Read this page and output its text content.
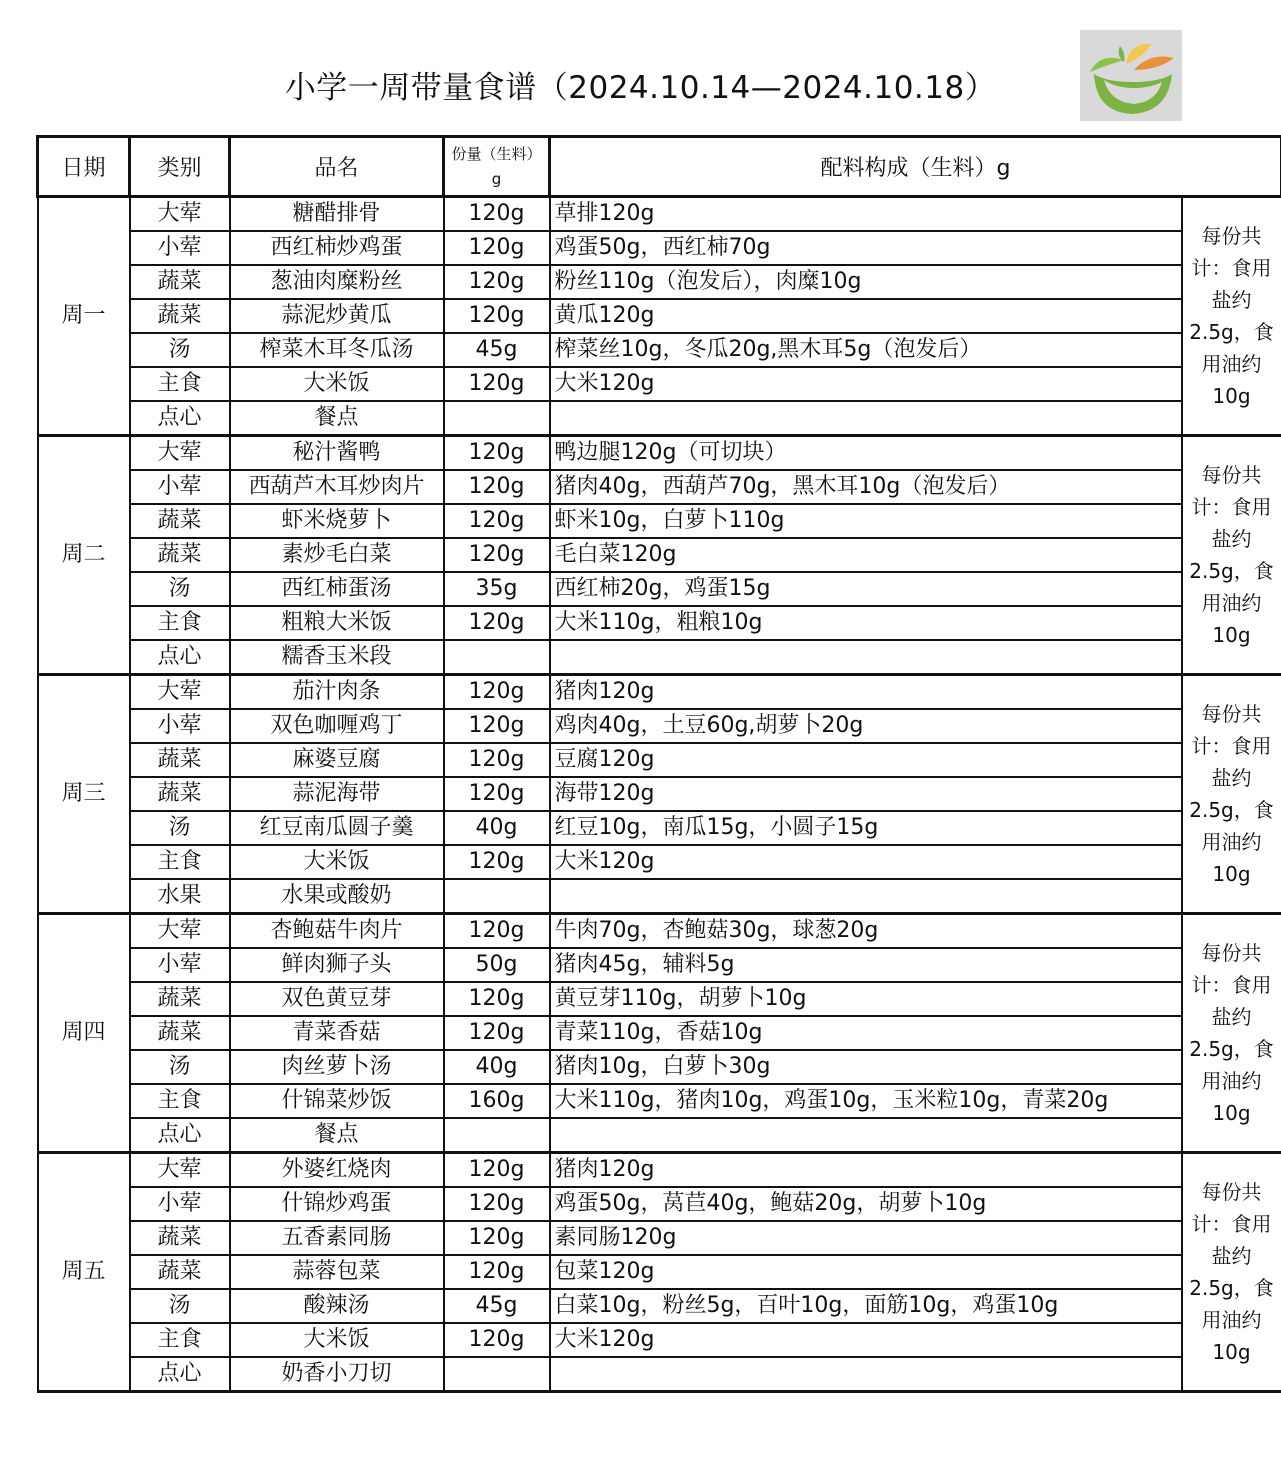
小学一周带量食谱（2024.10.14—2024.10.18）
日期	类别	品名	份量（生料）g	配料构成（生料）g	
周一	大荤	糖醋排骨	120g	草排120g	每份共计：食用盐约2.5g，食用油约10g
	小荤	西红柿炒鸡蛋	120g	鸡蛋50g，西红柿70g	
	蔬菜	葱油肉糜粉丝	120g	粉丝110g（泡发后），肉糜10g	
	蔬菜	蒜泥炒黄瓜	120g	黄瓜120g	
	汤	榨菜木耳冬瓜汤	45g	榨菜丝10g，冬瓜20g,黑木耳5g（泡发后）	
	主食	大米饭	120g	大米120g	
	点心	餐点			
周二	大荤	秘汁酱鸭	120g	鸭边腿120g（可切块）	每份共计：食用盐约2.5g，食用油约10g
	小荤	西葫芦木耳炒肉片	120g	猪肉40g，西葫芦70g，黑木耳10g（泡发后）	
	蔬菜	虾米烧萝卜	120g	虾米10g，白萝卜110g	
	蔬菜	素炒毛白菜	120g	毛白菜120g	
	汤	西红柿蛋汤	35g	西红柿20g，鸡蛋15g	
	主食	粗粮大米饭	120g	大米110g，粗粮10g	
	点心	糯香玉米段			
周三	大荤	茄汁肉条	120g	猪肉120g	每份共计：食用盐约2.5g，食用油约10g
	小荤	双色咖喱鸡丁	120g	鸡肉40g，土豆60g,胡萝卜20g	
	蔬菜	麻婆豆腐	120g	豆腐120g	
	蔬菜	蒜泥海带	120g	海带120g	
	汤	红豆南瓜圆子羹	40g	红豆10g，南瓜15g，小圆子15g	
	主食	大米饭	120g	大米120g	
	水果	水果或酸奶			
周四	大荤	杏鲍菇牛肉片	120g	牛肉70g，杏鲍菇30g，球葱20g	每份共计：食用盐约2.5g，食用油约10g
	小荤	鲜肉狮子头	50g	猪肉45g，辅料5g	
	蔬菜	双色黄豆芽	120g	黄豆芽110g，胡萝卜10g	
	蔬菜	青菜香菇	120g	青菜110g，香菇10g	
	汤	肉丝萝卜汤	40g	猪肉10g，白萝卜30g	
	主食	什锦菜炒饭	160g	大米110g，猪肉10g，鸡蛋10g，玉米粒10g，青菜20g	
	点心	餐点			
周五	大荤	外婆红烧肉	120g	猪肉120g	每份共计：食用盐约2.5g，食用油约10g
	小荤	什锦炒鸡蛋	120g	鸡蛋50g，莴苣40g，鲍菇20g，胡萝卜10g	
	蔬菜	五香素同肠	120g	素同肠120g	
	蔬菜	蒜蓉包菜	120g	包菜120g	
	汤	酸辣汤	45g	白菜10g，粉丝5g，百叶10g，面筋10g，鸡蛋10g	
	主食	大米饭	120g	大米120g	
	点心	奶香小刀切			
